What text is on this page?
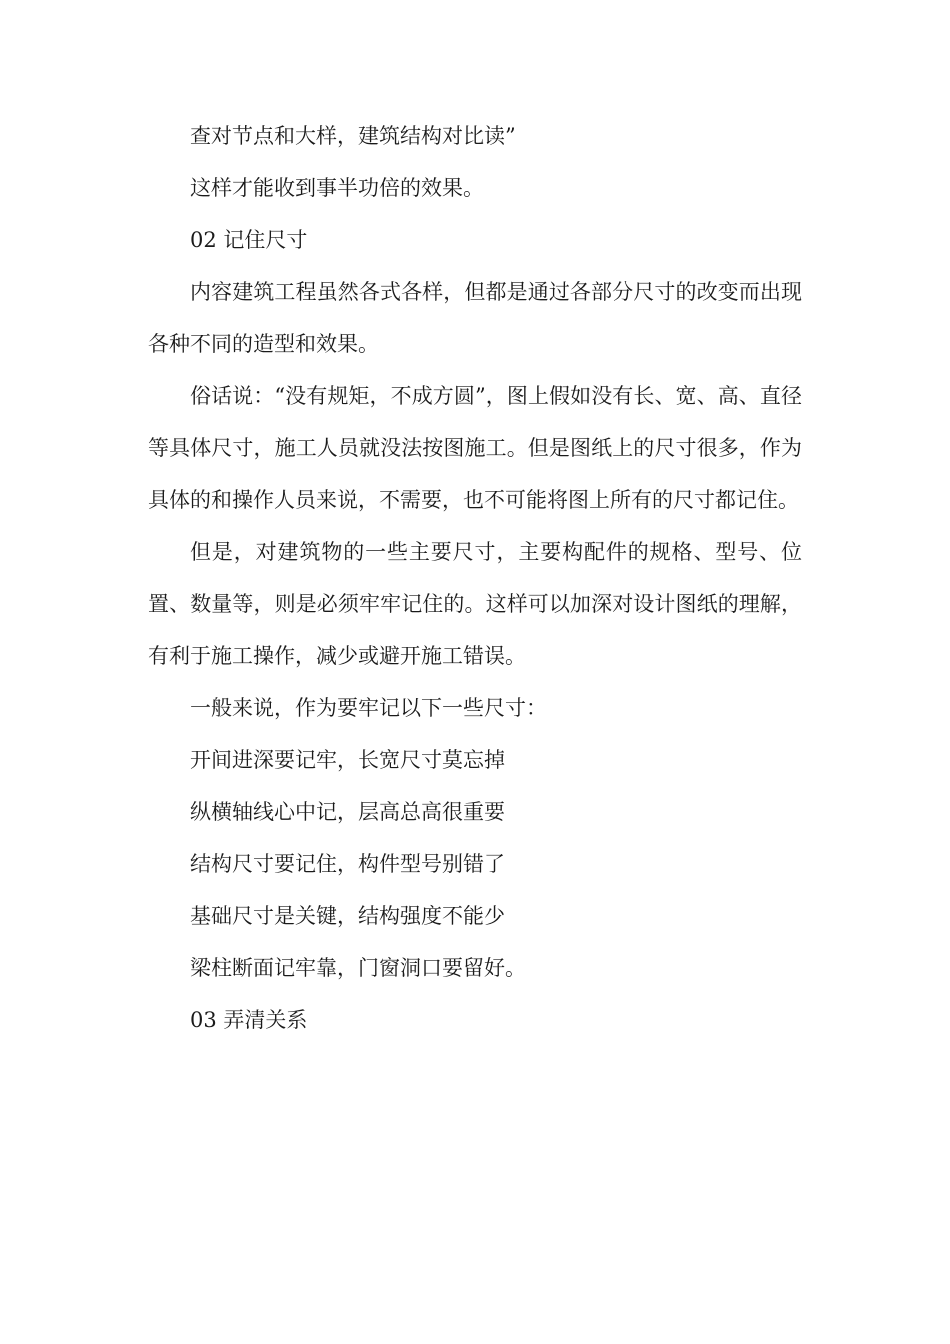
查对节点和大样，建筑结构对比读”

这样才能收到事半功倍的效果。

02 记住尺寸

内容建筑工程虽然各式各样，但都是通过各部分尺寸的改变而出现各种不同的造型和效果。

俗话说：“没有规矩，不成方圆”，图上假如没有长、宽、高、直径等具体尺寸，施工人员就没法按图施工。但是图纸上的尺寸很多，作为具体的和操作人员来说，不需要，也不可能将图上所有的尺寸都记住。

但是，对建筑物的一些主要尺寸，主要构配件的规格、型号、位置、数量等，则是必须牢牢记住的。这样可以加深对设计图纸的理解，有利于施工操作，减少或避开施工错误。

一般来说，作为要牢记以下一些尺寸：

开间进深要记牢，长宽尺寸莫忘掉

纵横轴线心中记，层高总高很重要

结构尺寸要记住，构件型号别错了

基础尺寸是关键，结构强度不能少

梁柱断面记牢靠，门窗洞口要留好。

03 弄清关系
